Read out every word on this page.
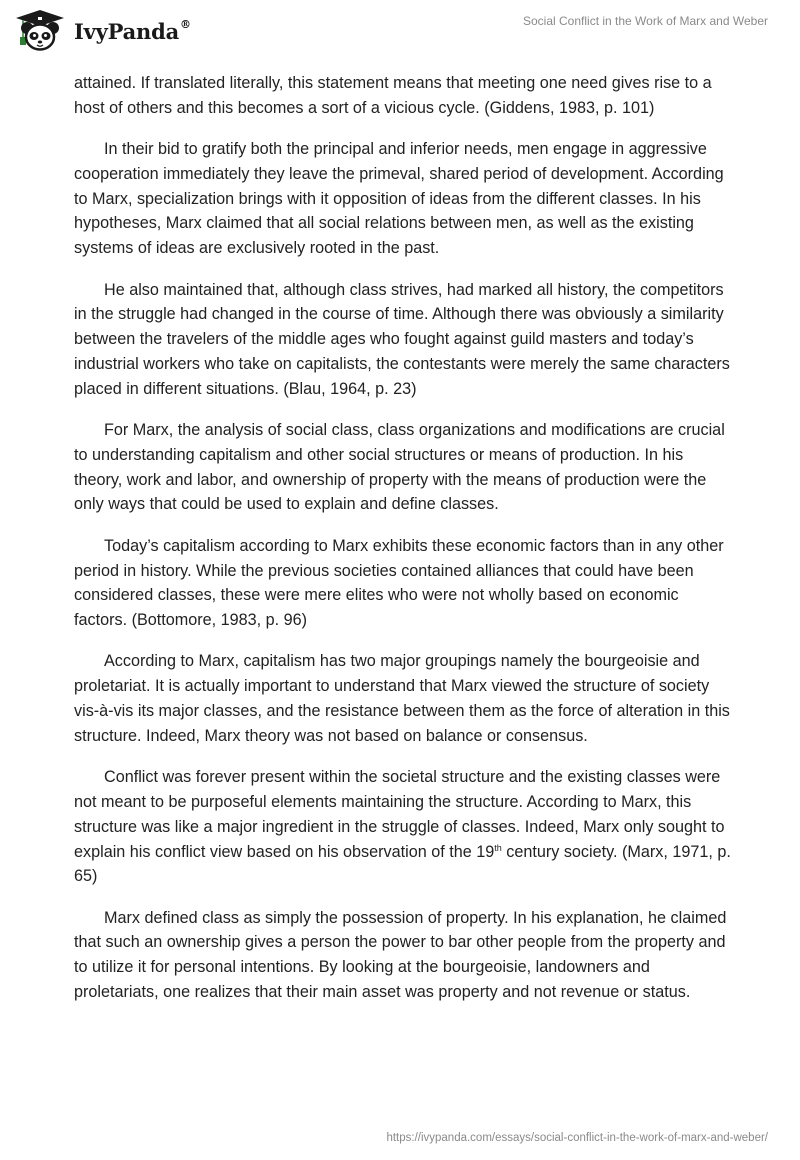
IvyPanda®	Social Conflict in the Work of Marx and Weber

attained. If translated literally, this statement means that meeting one need gives rise to a host of others and this becomes a sort of a vicious cycle. (Giddens, 1983, p. 101)

In their bid to gratify both the principal and inferior needs, men engage in aggressive cooperation immediately they leave the primeval, shared period of development. According to Marx, specialization brings with it opposition of ideas from the different classes. In his hypotheses, Marx claimed that all social relations between men, as well as the existing systems of ideas are exclusively rooted in the past.

He also maintained that, although class strives, had marked all history, the competitors in the struggle had changed in the course of time. Although there was obviously a similarity between the travelers of the middle ages who fought against guild masters and today’s industrial workers who take on capitalists, the contestants were merely the same characters placed in different situations. (Blau, 1964, p. 23)

For Marx, the analysis of social class, class organizations and modifications are crucial to understanding capitalism and other social structures or means of production. In his theory, work and labor, and ownership of property with the means of production were the only ways that could be used to explain and define classes.

Today’s capitalism according to Marx exhibits these economic factors than in any other period in history. While the previous societies contained alliances that could have been considered classes, these were mere elites who were not wholly based on economic factors. (Bottomore, 1983, p. 96)

According to Marx, capitalism has two major groupings namely the bourgeoisie and proletariat. It is actually important to understand that Marx viewed the structure of society vis-à-vis its major classes, and the resistance between them as the force of alteration in this structure. Indeed, Marx theory was not based on balance or consensus.

Conflict was forever present within the societal structure and the existing classes were not meant to be purposeful elements maintaining the structure. According to Marx, this structure was like a major ingredient in the struggle of classes. Indeed, Marx only sought to explain his conflict view based on his observation of the 19th century society. (Marx, 1971, p. 65)

Marx defined class as simply the possession of property. In his explanation, he claimed that such an ownership gives a person the power to bar other people from the property and to utilize it for personal intentions. By looking at the bourgeoisie, landowners and proletariats, one realizes that their main asset was property and not revenue or status.

https://ivypanda.com/essays/social-conflict-in-the-work-of-marx-and-weber/
